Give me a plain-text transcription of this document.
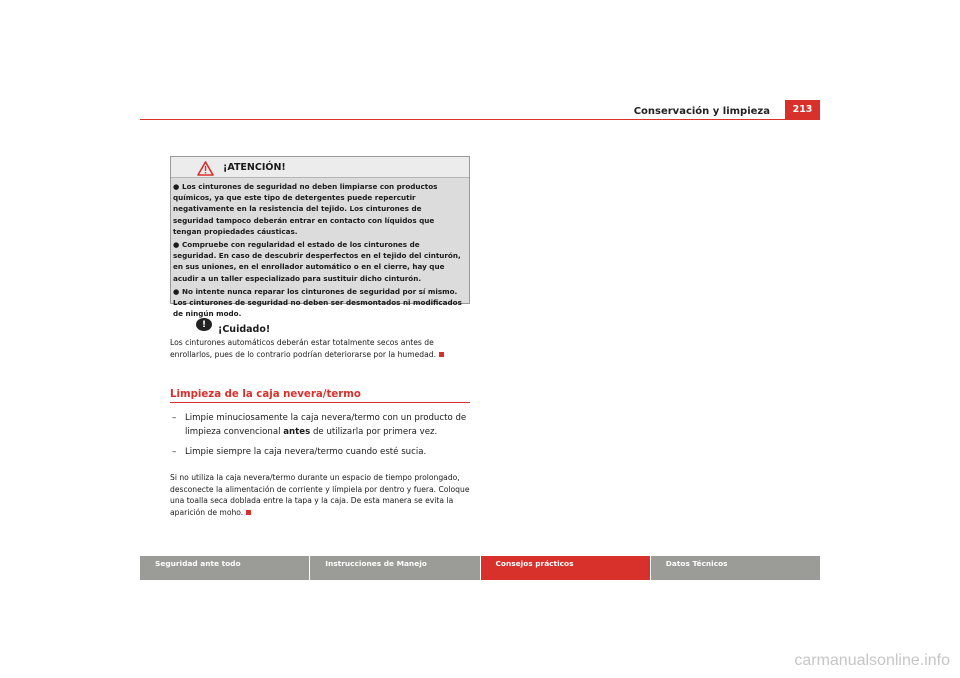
Conservación y limpieza	213
¡ATENCIÓN!
● Los cinturones de seguridad no deben limpiarse con productos químicos, ya que este tipo de detergentes puede repercutir negativamente en la resistencia del tejido. Los cinturones de seguridad tampoco deberán entrar en contacto con líquidos que tengan propiedades cáusticas.
● Compruebe con regularidad el estado de los cinturones de seguridad. En caso de descubrir desperfectos en el tejido del cinturón, en sus uniones, en el enrollador automático o en el cierre, hay que acudir a un taller especializado para sustituir dicho cinturón.
● No intente nunca reparar los cinturones de seguridad por sí mismo. Los cinturones de seguridad no deben ser desmontados ni modificados de ningún modo.
!	¡Cuidado!
Los cinturones automáticos deberán estar totalmente secos antes de enrollarlos, pues de lo contrario podrían deteriorarse por la humedad.
Limpieza de la caja nevera/termo
–	Limpie minuciosamente la caja nevera/termo con un producto de limpieza convencional antes de utilizarla por primera vez.
–	Limpie siempre la caja nevera/termo cuando esté sucia.
Si no utiliza la caja nevera/termo durante un espacio de tiempo prolongado, desconecte la alimentación de corriente y límpiela por dentro y fuera. Coloque una toalla seca doblada entre la tapa y la caja. De esta manera se evita la aparición de moho.
Seguridad ante todo	Instrucciones de Manejo	Consejos prácticos	Datos Técnicos
carmanualsonline.info
